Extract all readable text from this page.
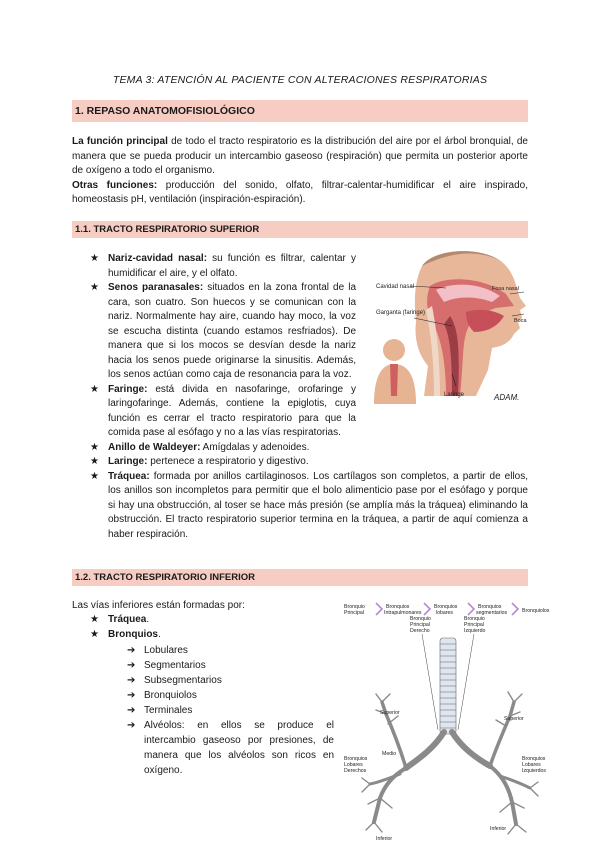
TEMA 3: ATENCIÓN AL PACIENTE CON ALTERACIONES RESPIRATORIAS
1. REPASO ANATOMOFISIOLÓGICO

La función principal de todo el tracto respiratorio es la distribución del aire por el árbol bronquial, de manera que se pueda producir un intercambio gaseoso (respiración) que permita un posterior aporte de oxígeno a todo el organismo.
Otras funciones: producción del sonido, olfato, filtrar-calentar-humidificar el aire inspirado, homeostasis pH, ventilación (inspiración-espiración).

1.1. TRACTO RESPIRATORIO SUPERIOR
★ Nariz-cavidad nasal: su función es filtrar, calentar y humidificar el aire, y el olfato.
★ Senos paranasales: situados en la zona frontal de la cara, son cuatro. Son huecos y se comunican con la nariz. Normalmente hay aire, cuando hay moco, la voz se escucha distinta (cuando estamos resfriados). De manera que si los mocos se desvían desde la nariz hacia los senos puede originarse la sinusitis. Además, los senos actúan como caja de resonancia para la voz.
★ Faringe: está divida en nasofaringe, orofaringe y laringofaringe. Además, contiene la epiglotis, cuya función es cerrar el tracto respiratorio para que la comida pase al esófago y no a las vías respiratorias.
★ Anillo de Waldeyer: Amígdalas y adenoides.
★ Laringe: pertenece a respiratorio y digestivo.
★ Tráquea: formada por anillos cartilaginosos. Los cartílagos son completos, a partir de ellos, los anillos son incompletos para permitir que el bolo alimenticio pase por el esófago y porque si hay una obstrucción, al toser se hace más presión (se amplía más la tráquea) eliminando la obstrucción. El tracto respiratorio superior termina en la tráquea, a partir de aquí comienza a haber respiración.
Cavidad nasal
Garganta (faringe)
Laringe
Fosa nasal
Boca
ADAM.
1.2. TRACTO RESPIRATORIO INFERIOR

Las vías inferiores están formadas por:

★ Tráquea.
★ Bronquios.
➔ Lobulares
➔ Segmentarios
➔ Subsegmentarios
➔ Bronquiolos
➔ Terminales
➔ Alvéolos: en ellos se produce el intercambio gaseoso por presiones, de manera que los alvéolos son ricos en oxígeno.
Bronquio Principal
Bronquios Intrapulmonares
Bronquios lobares
Bronquios segmentarios	Bronquiolos
Bronquio Principal Derecho
Bronquio Principal Izquierdo
Superior
Superior
Medio
Bronquios Lobares Derechos
Bronquios Lobares Izquierdos
Inferior
Inferior
